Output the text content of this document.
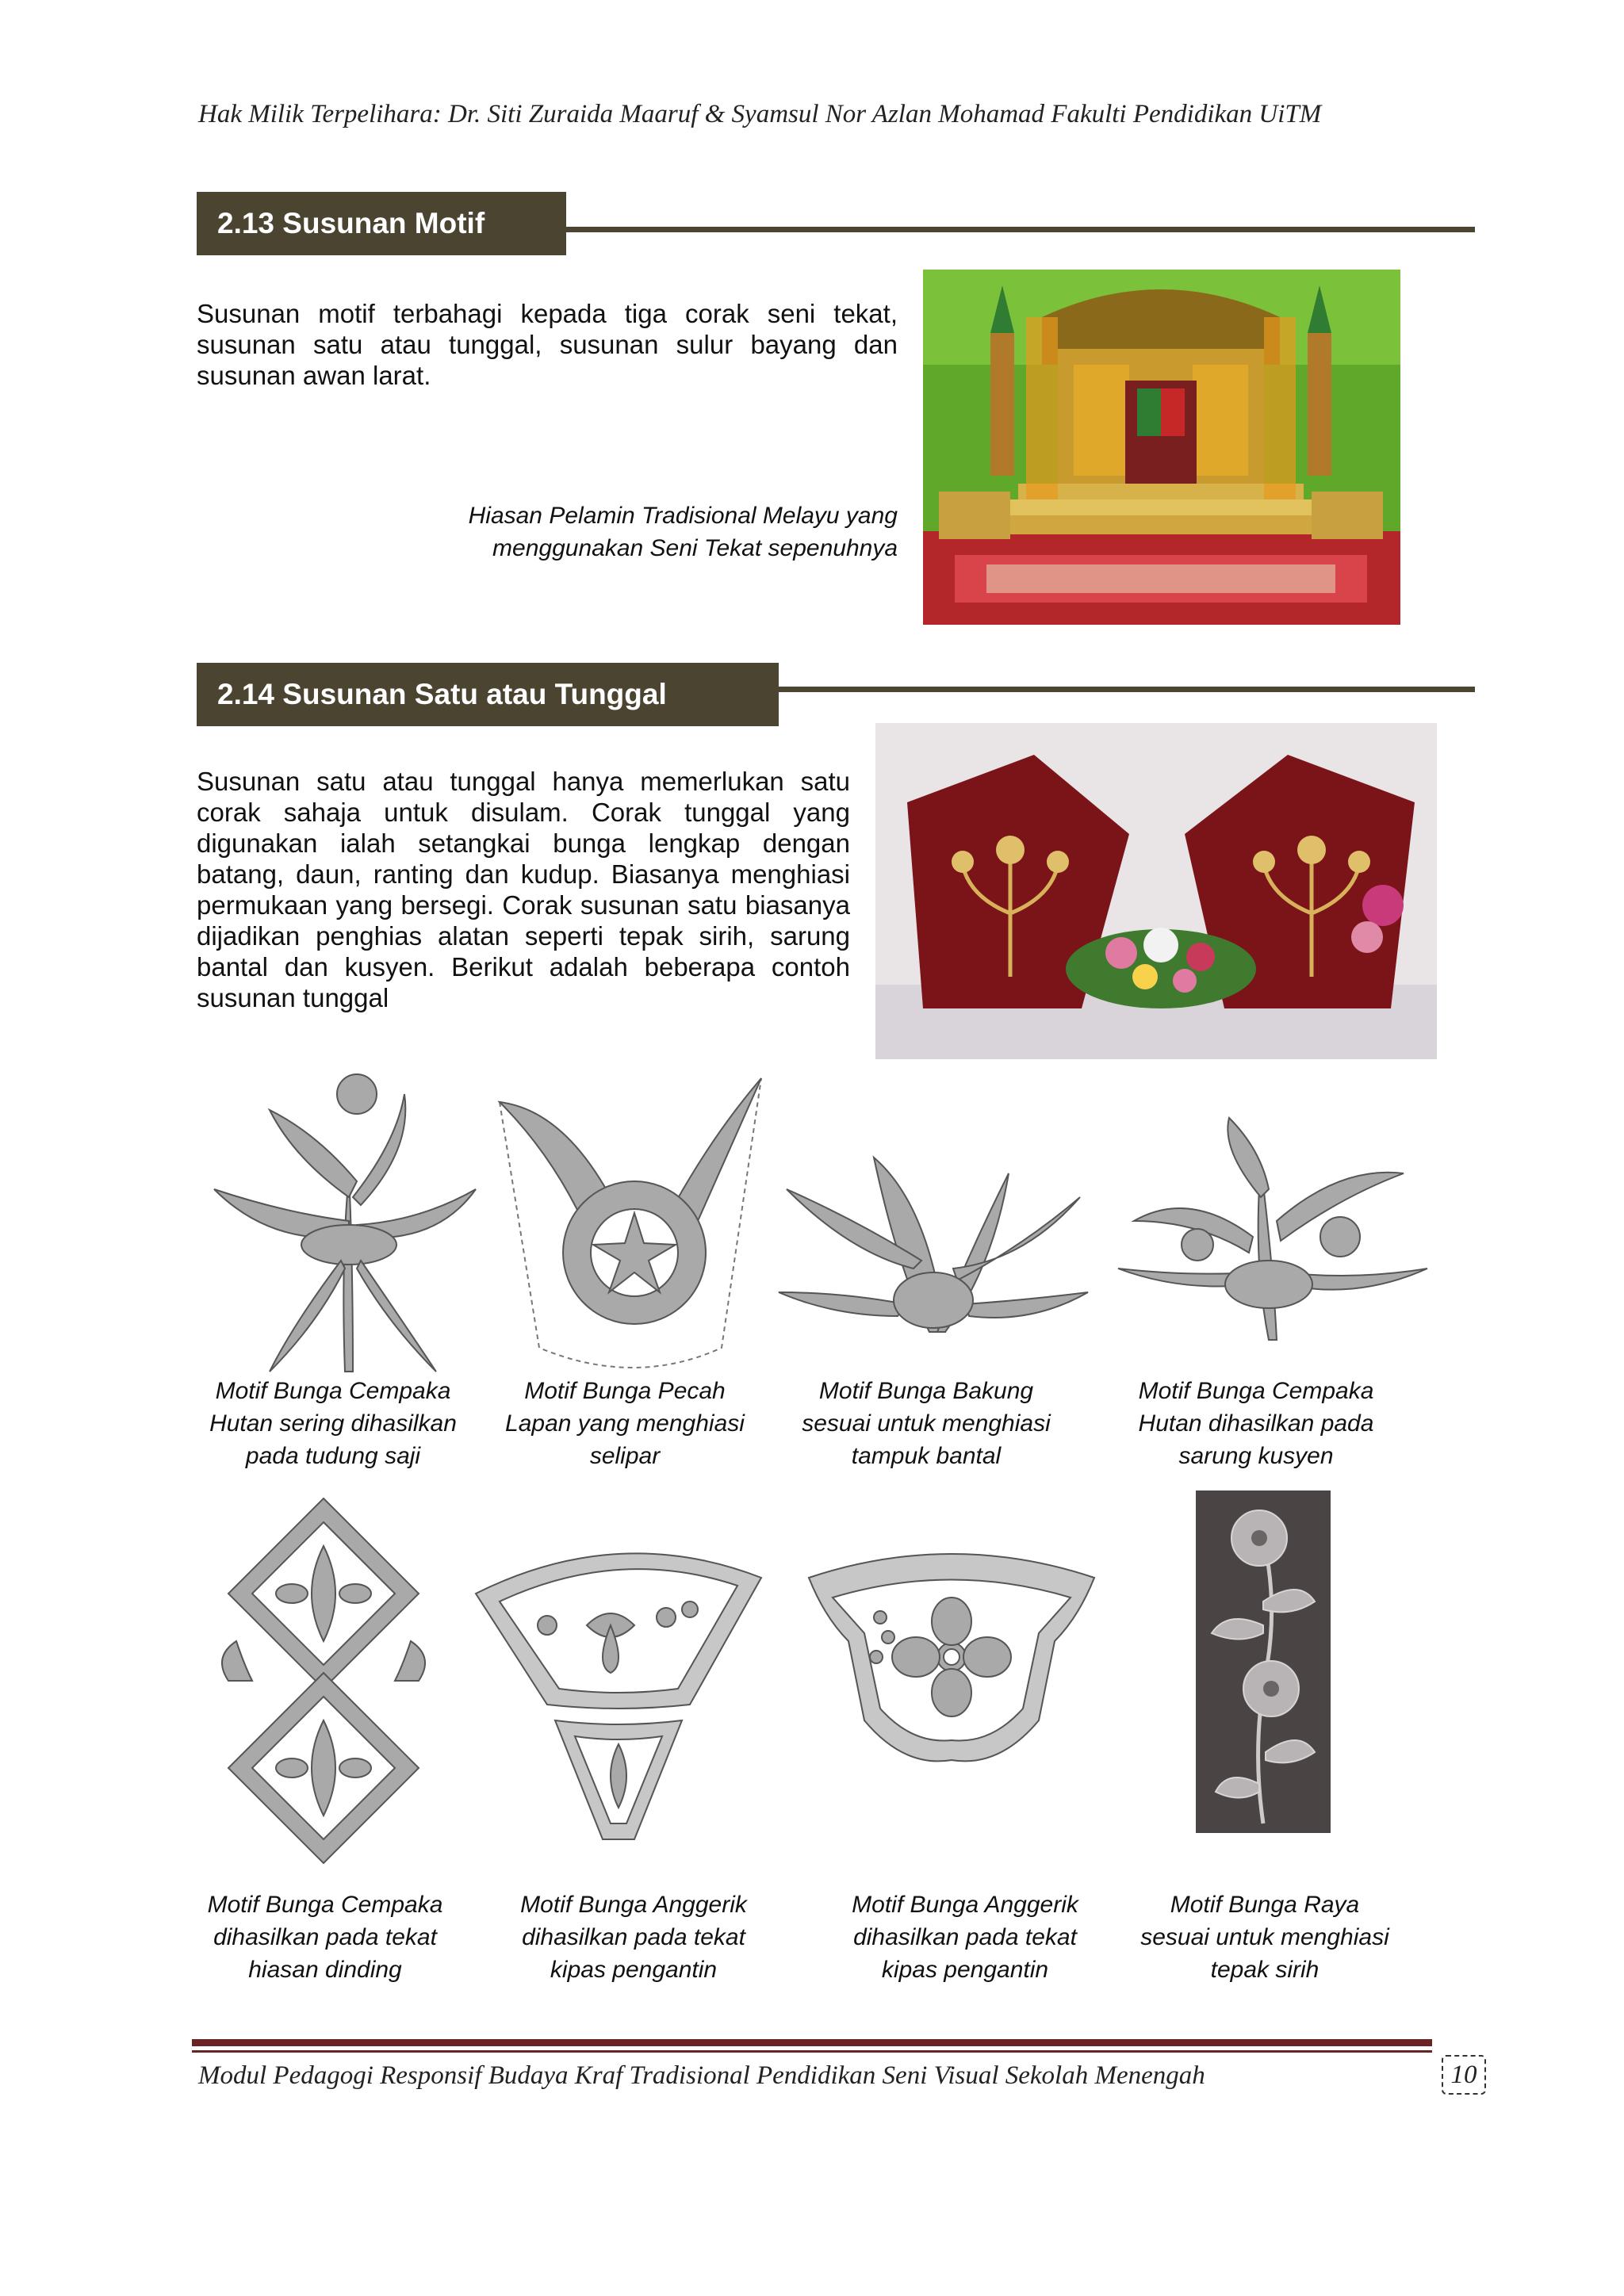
Hak Milik Terpelihara: Dr. Siti Zuraida Maaruf & Syamsul Nor Azlan Mohamad Fakulti Pendidikan UiTM
2.13 Susunan Motif
Susunan motif terbahagi kepada tiga corak seni tekat, susunan satu atau tunggal, susunan sulur bayang dan susunan awan larat.
Hiasan Pelamin Tradisional Melayu yang
menggunakan Seni Tekat sepenuhnya
2.14 Susunan Satu atau Tunggal
Susunan satu atau tunggal hanya memerlukan satu corak sahaja untuk disulam. Corak tunggal yang digunakan ialah setangkai bunga lengkap dengan batang, daun, ranting dan kudup. Biasanya menghiasi permukaan yang bersegi. Corak susunan satu biasanya dijadikan penghias alatan seperti tepak sirih, sarung bantal dan kusyen. Berikut adalah beberapa contoh susunan tunggal
Motif Bunga Cempaka
Hutan sering dihasilkan
pada tudung saji
Motif Bunga Pecah
Lapan yang menghiasi
selipar
Motif Bunga Bakung
sesuai untuk menghiasi
tampuk bantal
Motif Bunga Cempaka
Hutan dihasilkan pada
sarung kusyen
Motif Bunga Cempaka
dihasilkan pada tekat
hiasan dinding
Motif Bunga Anggerik
dihasilkan pada tekat
kipas pengantin
Motif Bunga Anggerik
dihasilkan pada tekat
kipas pengantin
Motif Bunga Raya
sesuai untuk menghiasi
tepak sirih
Modul Pedagogi Responsif Budaya Kraf Tradisional Pendidikan Seni Visual Sekolah Menengah	10
